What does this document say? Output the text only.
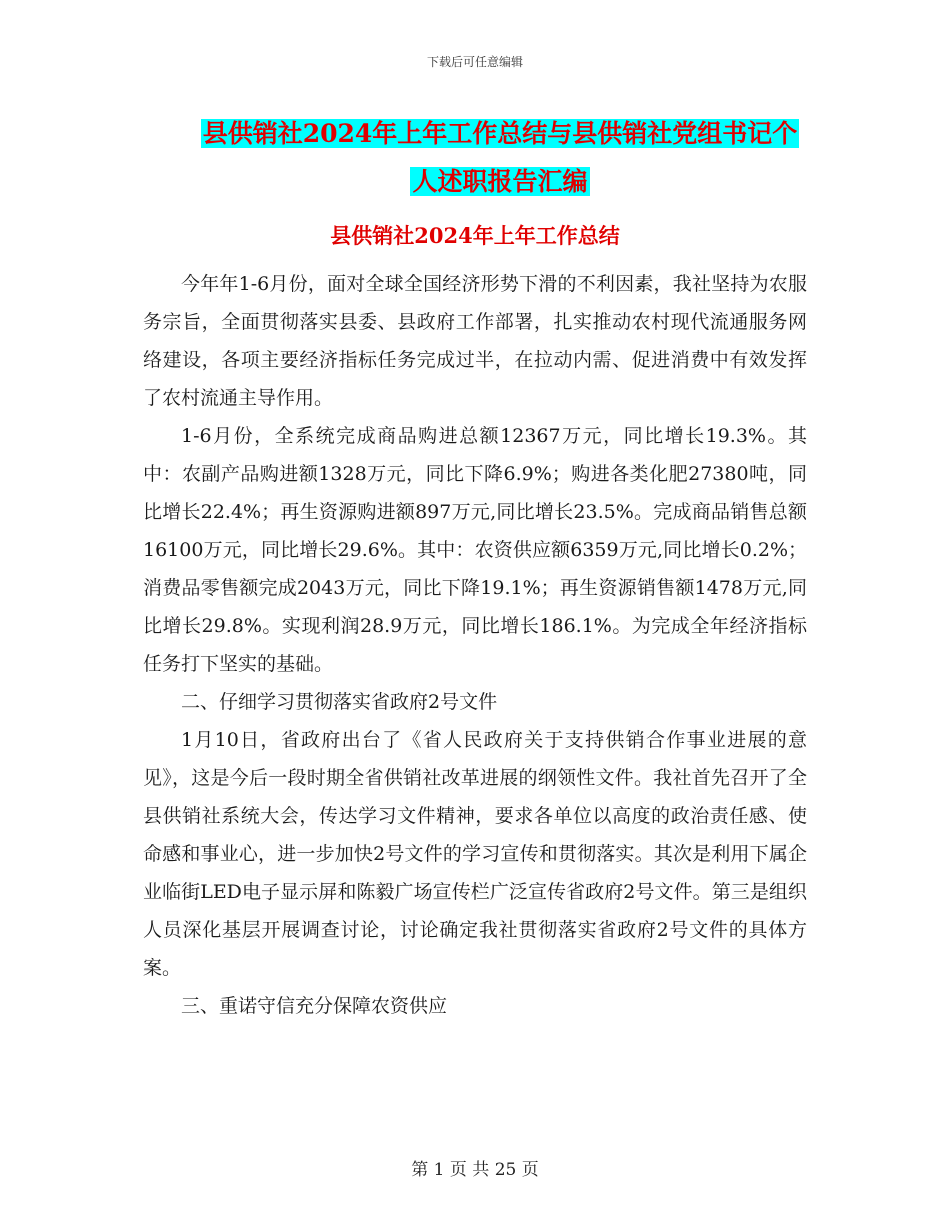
下载后可任意编辑
县供销社2024年上年工作总结与县供销社党组书记个
人述职报告汇编
县供销社2024年上年工作总结

今年年1-6月份，面对全球全国经济形势下滑的不利因素，我社坚持为农服务宗旨，全面贯彻落实县委、县政府工作部署，扎实推动农村现代流通服务网络建设，各项主要经济指标任务完成过半，在拉动内需、促进消费中有效发挥了农村流通主导作用。

1-6月份，全系统完成商品购进总额12367万元，同比增长19.3%。其中：农副产品购进额1328万元，同比下降6.9%；购进各类化肥27380吨，同比增长22.4%；再生资源购进额897万元,同比增长23.5%。完成商品销售总额16100万元，同比增长29.6%。其中：农资供应额6359万元,同比增长0.2%；消费品零售额完成2043万元，同比下降19.1%；再生资源销售额1478万元,同比增长29.8%。实现利润28.9万元，同比增长186.1%。为完成全年经济指标任务打下坚实的基础。

二、仔细学习贯彻落实省政府2号文件

1月10日，省政府出台了《省人民政府关于支持供销合作事业进展的意见》，这是今后一段时期全省供销社改革进展的纲领性文件。我社首先召开了全县供销社系统大会，传达学习文件精神，要求各单位以高度的政治责任感、使命感和事业心，进一步加快2号文件的学习宣传和贯彻落实。其次是利用下属企业临街LED电子显示屏和陈毅广场宣传栏广泛宣传省政府2号文件。第三是组织人员深化基层开展调查讨论，讨论确定我社贯彻落实省政府2号文件的具体方案。

三、重诺守信充分保障农资供应

第 1 页 共 25 页
